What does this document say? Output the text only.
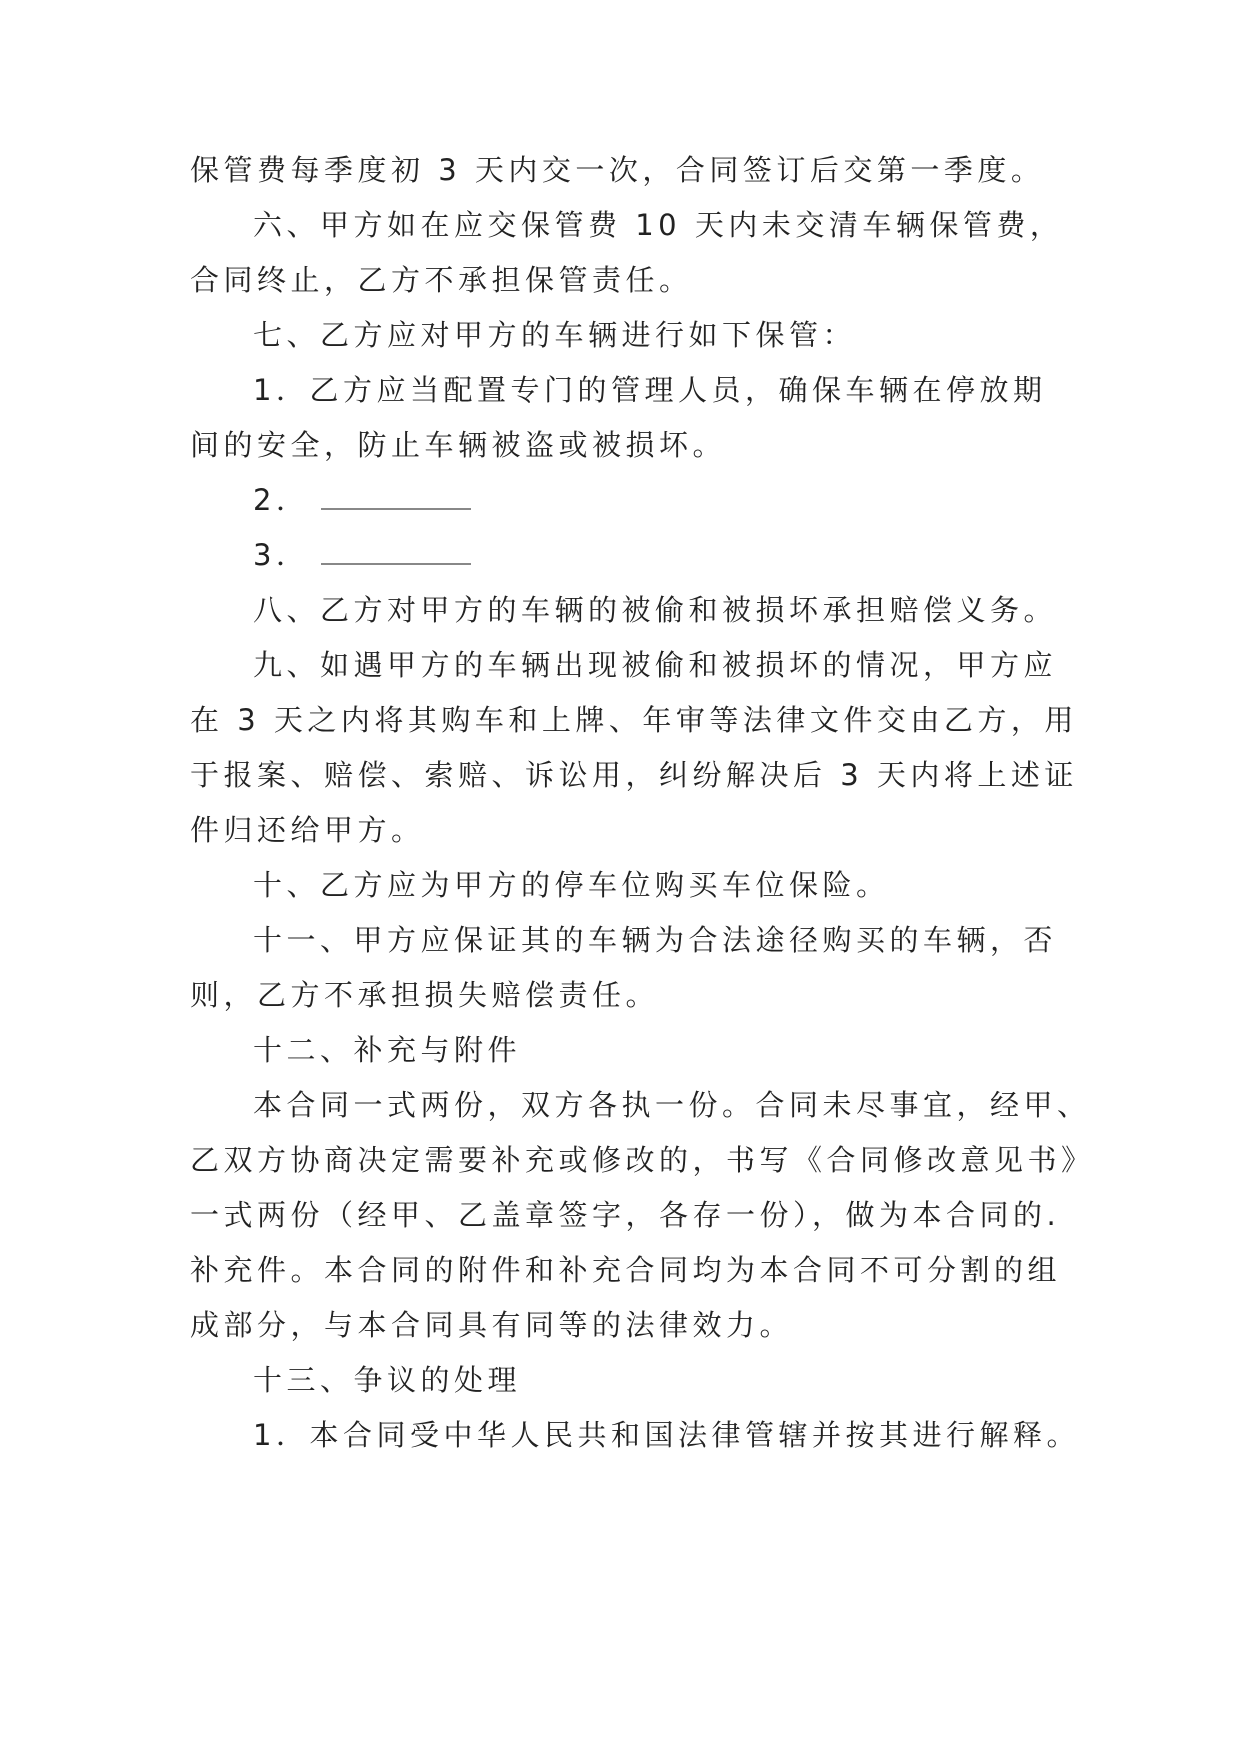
保管费每季度初 3 天内交一次，合同签订后交第一季度。
六、甲方如在应交保管费 10 天内未交清车辆保管费，
合同终止，乙方不承担保管责任。
七、乙方应对甲方的车辆进行如下保管：
1．乙方应当配置专门的管理人员，确保车辆在停放期
间的安全，防止车辆被盗或被损坏。
2．
3．
八、乙方对甲方的车辆的被偷和被损坏承担赔偿义务。
九、如遇甲方的车辆出现被偷和被损坏的情况，甲方应
在 3 天之内将其购车和上牌、年审等法律文件交由乙方，用
于报案、赔偿、索赔、诉讼用，纠纷解决后 3 天内将上述证
件归还给甲方。
十、乙方应为甲方的停车位购买车位保险。
十一、甲方应保证其的车辆为合法途径购买的车辆，否
则，乙方不承担损失赔偿责任。
十二、补充与附件
本合同一式两份，双方各执一份。合同未尽事宜，经甲、
乙双方协商决定需要补充或修改的，书写《合同修改意见书》
一式两份（经甲、乙盖章签字，各存一份），做为本合同的.
补充件。本合同的附件和补充合同均为本合同不可分割的组
成部分，与本合同具有同等的法律效力。
十三、争议的处理
1．本合同受中华人民共和国法律管辖并按其进行解释。
